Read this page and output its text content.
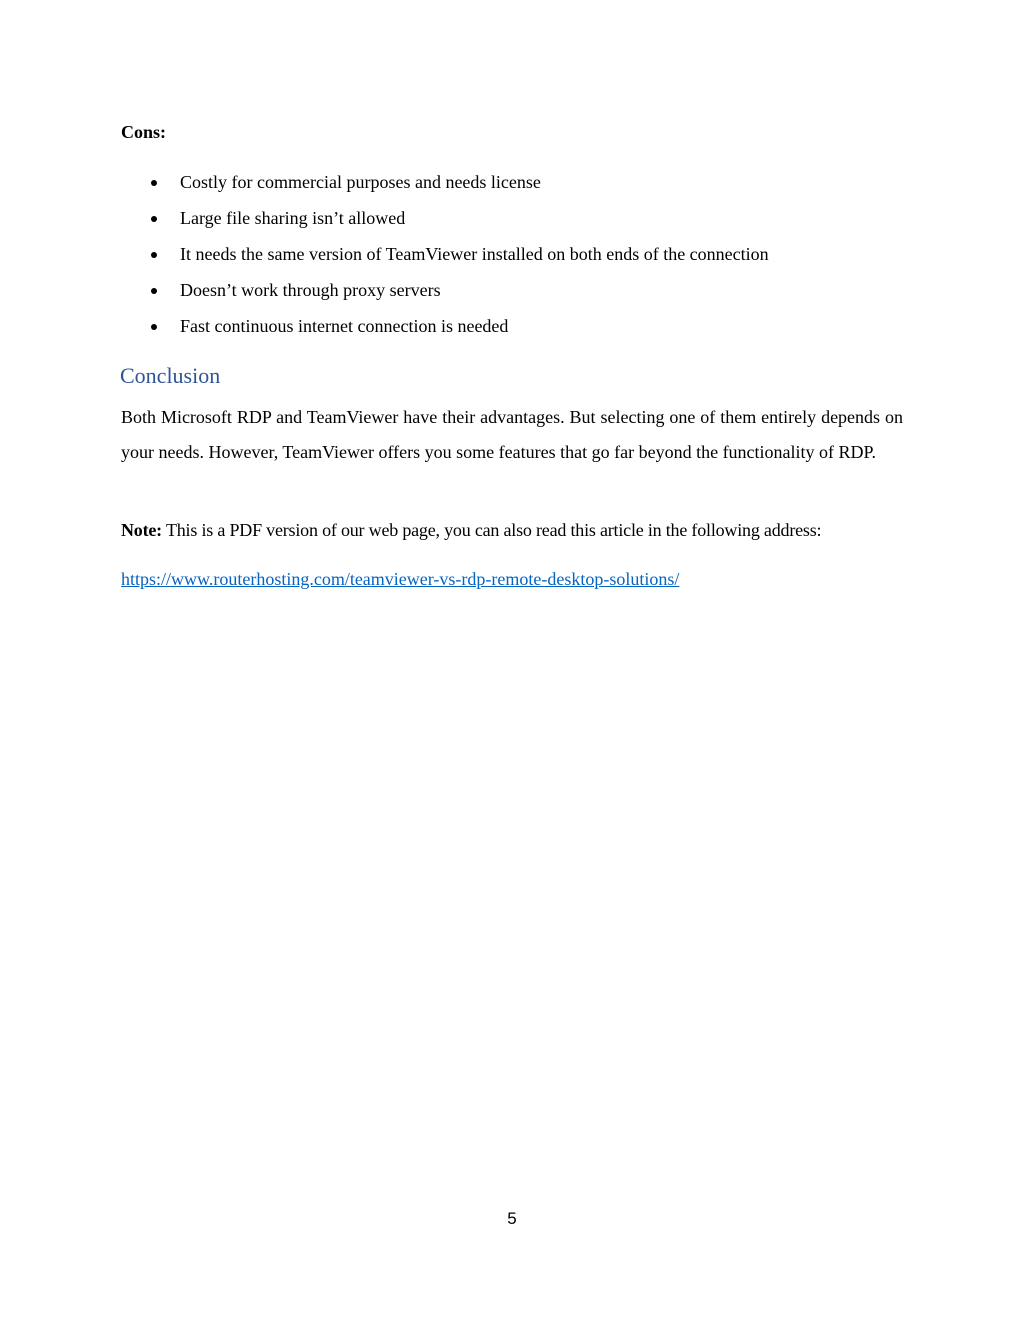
Cons:
Costly for commercial purposes and needs license
Large file sharing isn’t allowed
It needs the same version of TeamViewer installed on both ends of the connection
Doesn’t work through proxy servers
Fast continuous internet connection is needed
Conclusion

Both Microsoft RDP and TeamViewer have their advantages. But selecting one of them entirely depends on your needs. However, TeamViewer offers you some features that go far beyond the functionality of RDP.

Note: This is a PDF version of our web page, you can also read this article in the following address:

https://www.routerhosting.com/teamviewer-vs-rdp-remote-desktop-solutions/
5
